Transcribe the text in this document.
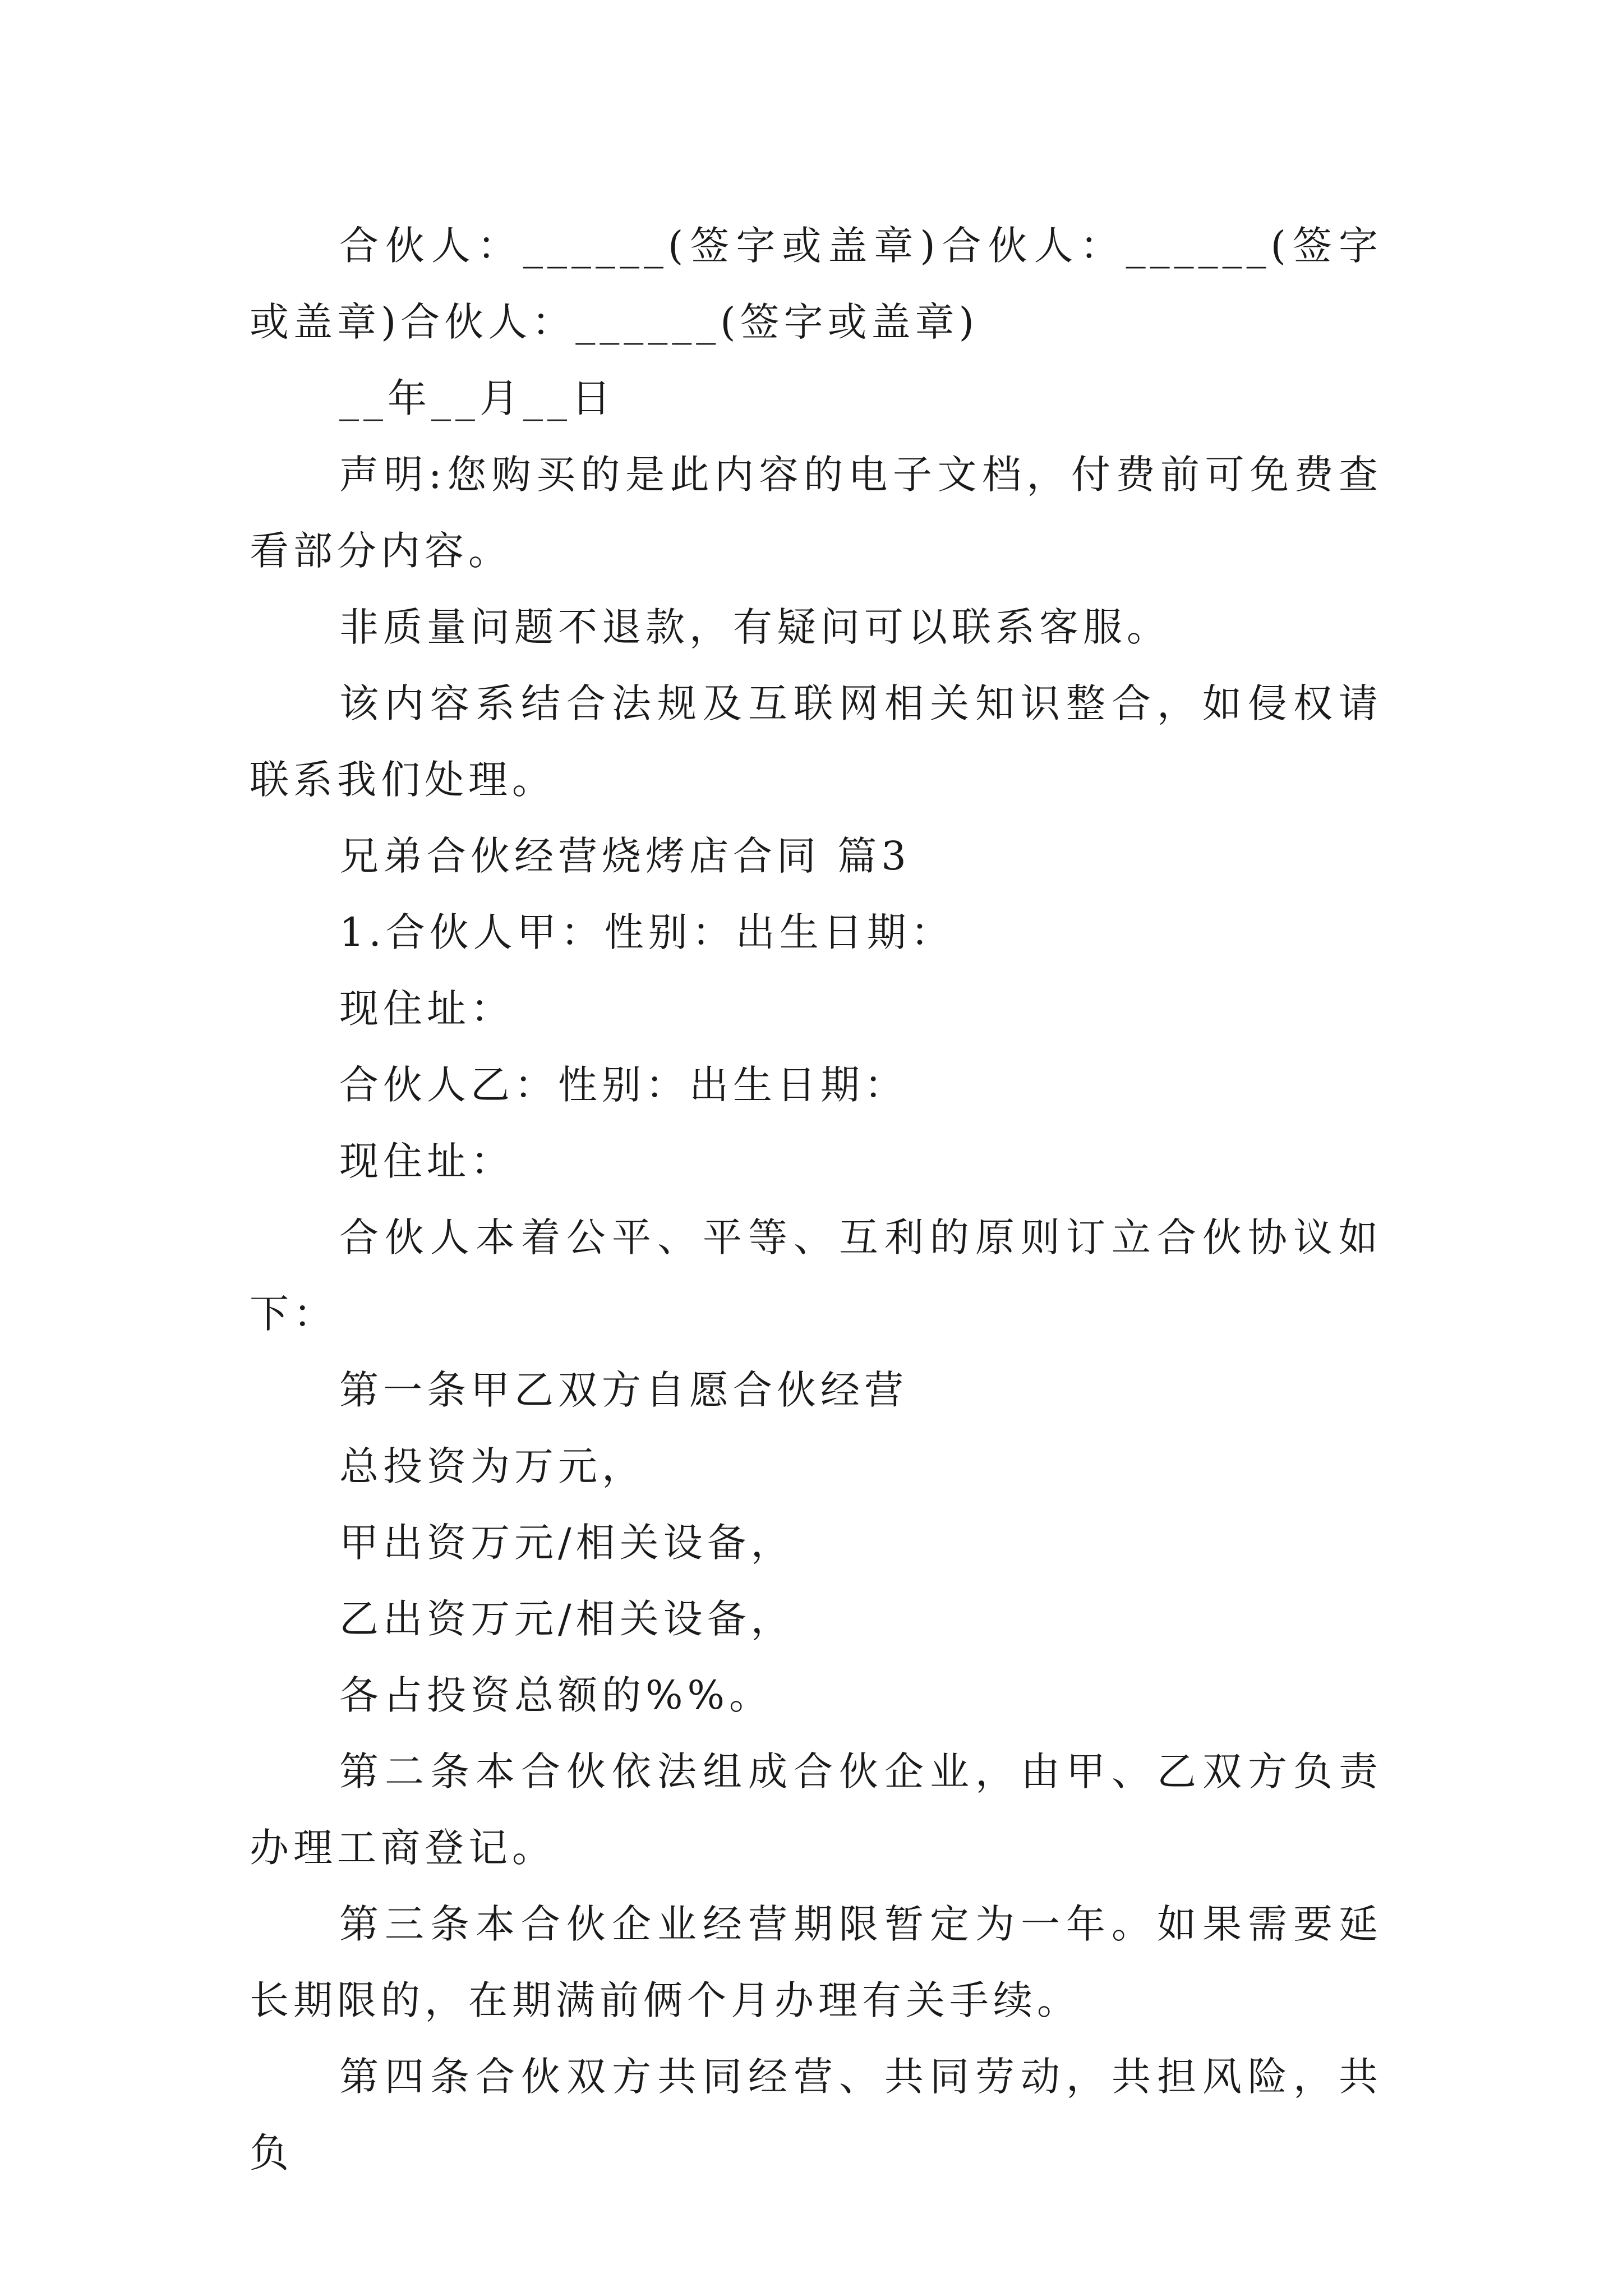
合伙人：______(签字或盖章)合伙人：______(签字或盖章)合伙人：______(签字或盖章)

__年__月__日

声明:您购买的是此内容的电子文档，付费前可免费查看部分内容。

非质量问题不退款，有疑问可以联系客服。

该内容系结合法规及互联网相关知识整合，如侵权请联系我们处理。

兄弟合伙经营烧烤店合同 篇3

1.合伙人甲：性别：出生日期：

现住址：

合伙人乙：性别：出生日期：

现住址：

合伙人本着公平、平等、互利的原则订立合伙协议如下：

第一条甲乙双方自愿合伙经营

总投资为万元，

甲出资万元/相关设备，

乙出资万元/相关设备，

各占投资总额的%%。

第二条本合伙依法组成合伙企业，由甲、乙双方负责办理工商登记。

第三条本合伙企业经营期限暂定为一年。如果需要延长期限的，在期满前俩个月办理有关手续。

第四条合伙双方共同经营、共同劳动，共担风险，共负
